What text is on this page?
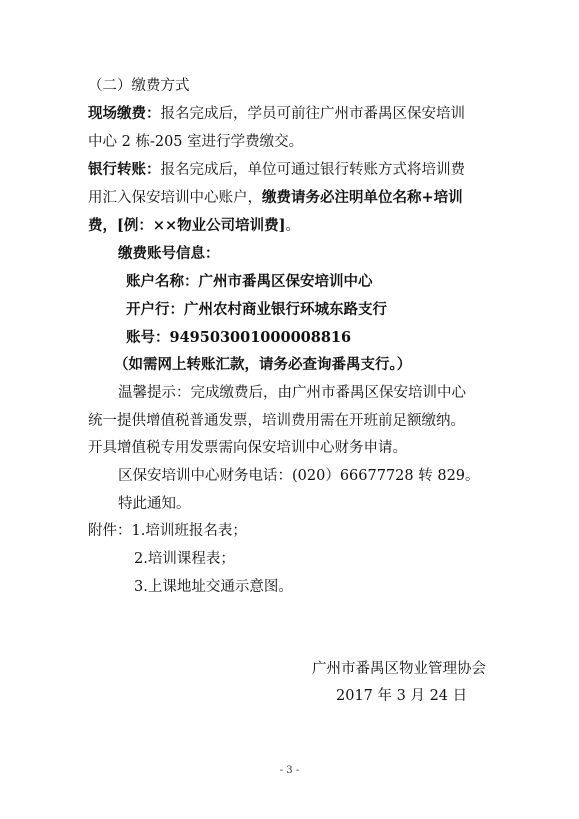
（二）缴费方式
现场缴费：报名完成后，学员可前往广州市番禺区保安培训
中心 2 栋-205 室进行学费缴交。
银行转账：报名完成后，单位可通过银行转账方式将培训费
用汇入保安培训中心账户，缴费请务必注明单位名称+培训
费，[例：××物业公司培训费]。
缴费账号信息：
账户名称：广州市番禺区保安培训中心
开户行：广州农村商业银行环城东路支行
账号：949503001000008816
（如需网上转账汇款，请务必查询番禺支行。）
温馨提示：完成缴费后，由广州市番禺区保安培训中心
统一提供增值税普通发票，培训费用需在开班前足额缴纳。
开具增值税专用发票需向保安培训中心财务申请。
区保安培训中心财务电话：(020）66677728 转 829。
特此通知。
附件：1.培训班报名表；
2.培训课程表；
3.上课地址交通示意图。
广州市番禺区物业管理协会
2017 年 3 月 24 日
- 3 -
